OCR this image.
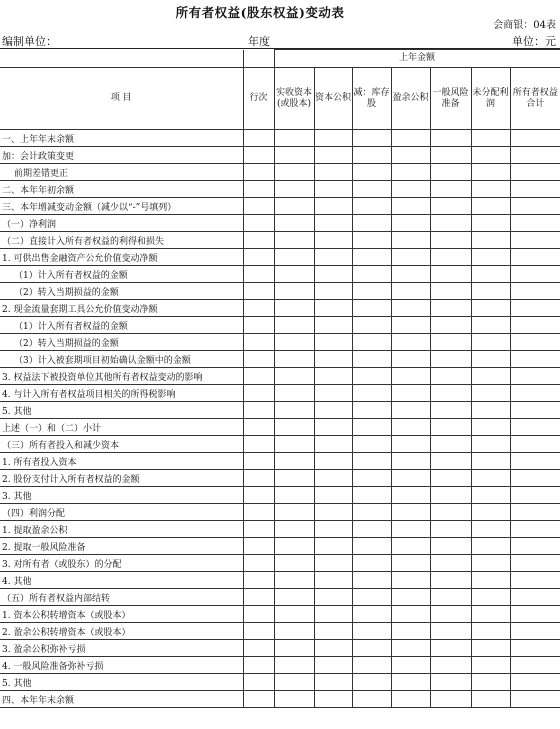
所有者权益(股东权益)变动表
会商银：04表
编制单位：	年度	单位：元
		上年金额						
项 目	行次	实收资本(或股本)	资本公积	减：库存股	盈余公积	一般风险准备	未分配利润	所有者权益合计
一、上年年末余额								
加：会计政策变更								
前期差错更正								
二、本年年初余额								
三、本年增减变动金额（减少以“-”号填列）								
（一）净利润								
（二）直接计入所有者权益的利得和损失								
1. 可供出售金融资产公允价值变动净额								
（1）计入所有者权益的金额								
（2）转入当期损益的金额								
2. 现金流量套期工具公允价值变动净额								
（1）计入所有者权益的金额								
（2）转入当期损益的金额								
（3）计入被套期项目初始确认金额中的金额								
3. 权益法下被投资单位其他所有者权益变动的影响								
4. 与计入所有者权益项目相关的所得税影响								
5. 其他								
上述（一）和（二）小计								
（三）所有者投入和减少资本								
1. 所有者投入资本								
2. 股份支付计入所有者权益的金额								
3. 其他								
（四）利润分配								
1. 提取盈余公积								
2. 提取一般风险准备								
3. 对所有者（或股东）的分配								
4. 其他								
（五）所有者权益内部结转								
1. 资本公积转增资本（或股本）								
2. 盈余公积转增资本（或股本）								
3. 盈余公积弥补亏损								
4. 一般风险准备弥补亏损								
5. 其他								
四、本年年末余额								
